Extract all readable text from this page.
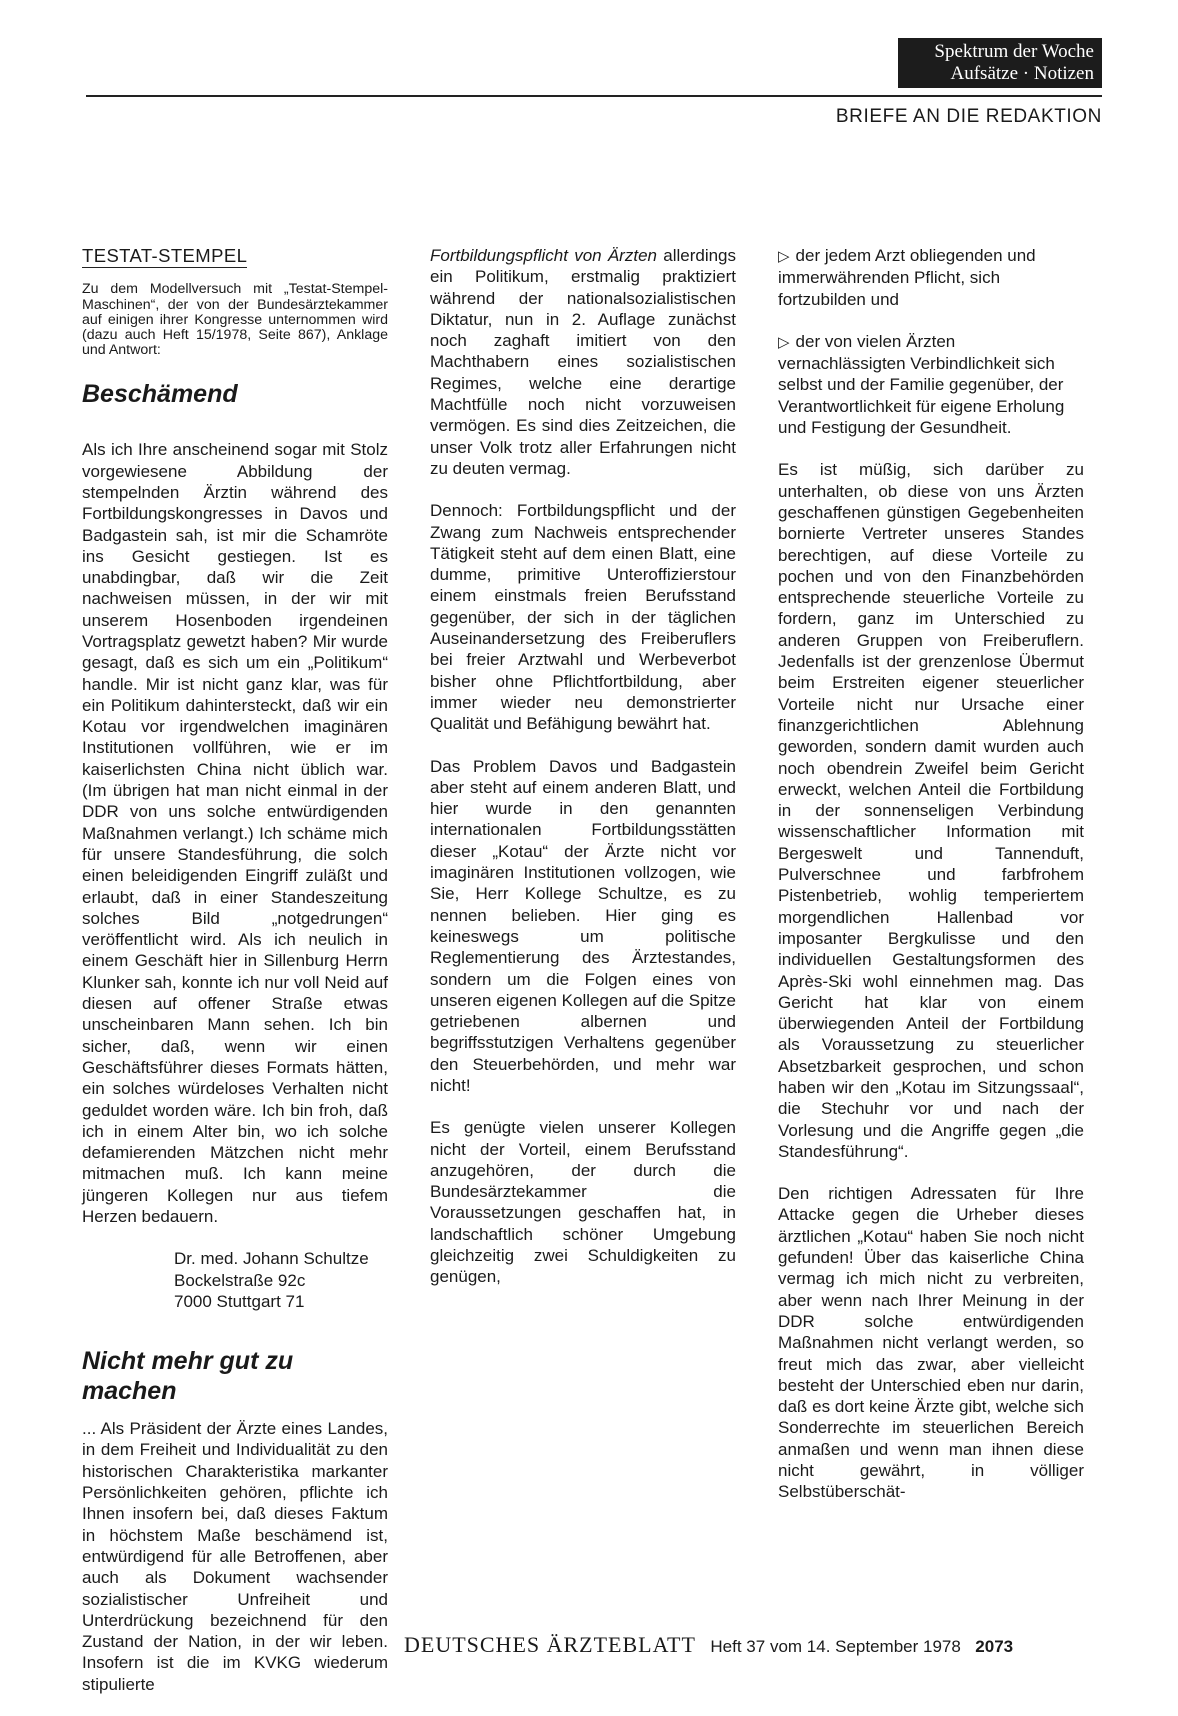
Spektrum der Woche
Aufsätze · Notizen
BRIEFE AN DIE REDAKTION
TESTAT-STEMPEL

Zu dem Modellversuch mit „Testat-Stempel-Maschinen“, der von der Bundesärztekammer auf einigen ihrer Kongresse unternommen wird (dazu auch Heft 15/1978, Seite 867), Anklage und Antwort:

Beschämend

Als ich Ihre anscheinend sogar mit Stolz vorgewiesene Abbildung der stempelnden Ärztin während des Fortbildungskongresses in Davos und Badgastein sah, ist mir die Schamröte ins Gesicht gestiegen. Ist es unabdingbar, daß wir die Zeit nachweisen müssen, in der wir mit unserem Hosenboden irgendeinen Vortragsplatz gewetzt haben? Mir wurde gesagt, daß es sich um ein „Politikum“ handle. Mir ist nicht ganz klar, was für ein Politikum dahintersteckt, daß wir ein Kotau vor irgendwelchen imaginären Institutionen vollführen, wie er im kaiserlichsten China nicht üblich war. (Im übrigen hat man nicht einmal in der DDR von uns solche entwürdigenden Maßnahmen verlangt.) Ich schäme mich für unsere Standesführung, die solch einen beleidigenden Eingriff zuläßt und erlaubt, daß in einer Standeszeitung solches Bild „notgedrungen“ veröffentlicht wird. Als ich neulich in einem Geschäft hier in Sillenburg Herrn Klunker sah, konnte ich nur voll Neid auf diesen auf offener Straße etwas unscheinbaren Mann sehen. Ich bin sicher, daß, wenn wir einen Geschäftsführer dieses Formats hätten, ein solches würdeloses Verhalten nicht geduldet worden wäre. Ich bin froh, daß ich in einem Alter bin, wo ich solche defamierenden Mätzchen nicht mehr mitmachen muß. Ich kann meine jüngeren Kollegen nur aus tiefem Herzen bedauern.

Dr. med. Johann Schultze
Bockelstraße 92c
7000 Stuttgart 71
Nicht mehr gut zu machen

... Als Präsident der Ärzte eines Landes, in dem Freiheit und Individualität zu den historischen Charakteristika markanter Persönlichkeiten gehören, pflichte ich Ihnen insofern bei, daß dieses Faktum in höchstem Maße beschämend ist, entwürdigend für alle Betroffenen, aber auch als Dokument wachsender sozialistischer Unfreiheit und Unterdrückung bezeichnend für den Zustand der Nation, in der wir leben. Insofern ist die im KVKG wiederum stipulierte

Fortbildungspflicht von Ärzten allerdings ein Politikum, erstmalig praktiziert während der nationalsozialistischen Diktatur, nun in 2. Auflage zunächst noch zaghaft imitiert von den Machthabern eines sozialistischen Regimes, welche eine derartige Machtfülle noch nicht vorzuweisen vermögen. Es sind dies Zeitzeichen, die unser Volk trotz aller Erfahrungen nicht zu deuten vermag.

Dennoch: Fortbildungspflicht und der Zwang zum Nachweis entsprechender Tätigkeit steht auf dem einen Blatt, eine dumme, primitive Unteroffizierstour einem einstmals freien Berufsstand gegenüber, der sich in der täglichen Auseinandersetzung des Freiberuflers bei freier Arztwahl und Werbeverbot bisher ohne Pflichtfortbildung, aber immer wieder neu demonstrierter Qualität und Befähigung bewährt hat.

Das Problem Davos und Badgastein aber steht auf einem anderen Blatt, und hier wurde in den genannten internationalen Fortbildungsstätten dieser „Kotau“ der Ärzte nicht vor imaginären Institutionen vollzogen, wie Sie, Herr Kollege Schultze, es zu nennen belieben. Hier ging es keineswegs um politische Reglementierung des Ärztestandes, sondern um die Folgen eines von unseren eigenen Kollegen auf die Spitze getriebenen albernen und begriffsstutzigen Verhaltens gegenüber den Steuerbehörden, und mehr war nicht!

Es genügte vielen unserer Kollegen nicht der Vorteil, einem Berufsstand anzugehören, der durch die Bundesärztekammer die Voraussetzungen geschaffen hat, in landschaftlich schöner Umgebung gleichzeitig zwei Schuldigkeiten zu genügen,

▷ der jedem Arzt obliegenden und immerwährenden Pflicht, sich fortzubilden und

▷ der von vielen Ärzten vernachlässigten Verbindlichkeit sich selbst und der Familie gegenüber, der Verantwortlichkeit für eigene Erholung und Festigung der Gesundheit.

Es ist müßig, sich darüber zu unterhalten, ob diese von uns Ärzten geschaffenen günstigen Gegebenheiten bornierte Vertreter unseres Standes berechtigen, auf diese Vorteile zu pochen und von den Finanzbehörden entsprechende steuerliche Vorteile zu fordern, ganz im Unterschied zu anderen Gruppen von Freiberuflern. Jedenfalls ist der grenzenlose Übermut beim Erstreiten eigener steuerlicher Vorteile nicht nur Ursache einer finanzgerichtlichen Ablehnung geworden, sondern damit wurden auch noch obendrein Zweifel beim Gericht erweckt, welchen Anteil die Fortbildung in der sonnenseligen Verbindung wissenschaftlicher Information mit Bergeswelt und Tannenduft, Pulverschnee und farbfrohem Pistenbetrieb, wohlig temperiertem morgendlichen Hallenbad vor imposanter Bergkulisse und den individuellen Gestaltungsformen des Après-Ski wohl einnehmen mag. Das Gericht hat klar von einem überwiegenden Anteil der Fortbildung als Voraussetzung zu steuerlicher Absetzbarkeit gesprochen, und schon haben wir den „Kotau im Sitzungssaal“, die Stechuhr vor und nach der Vorlesung und die Angriffe gegen „die Standesführung“.

Den richtigen Adressaten für Ihre Attacke gegen die Urheber dieses ärztlichen „Kotau“ haben Sie noch nicht gefunden! Über das kaiserliche China vermag ich mich nicht zu verbreiten, aber wenn nach Ihrer Meinung in der DDR solche entwürdigenden Maßnahmen nicht verlangt werden, so freut mich das zwar, aber vielleicht besteht der Unterschied eben nur darin, daß es dort keine Ärzte gibt, welche sich Sonderrechte im steuerlichen Bereich anmaßen und wenn man ihnen diese nicht gewährt, in völliger Selbstüberschät-

DEUTSCHES ÄRZTEBLATT Heft 37 vom 14. September 1978 2073
